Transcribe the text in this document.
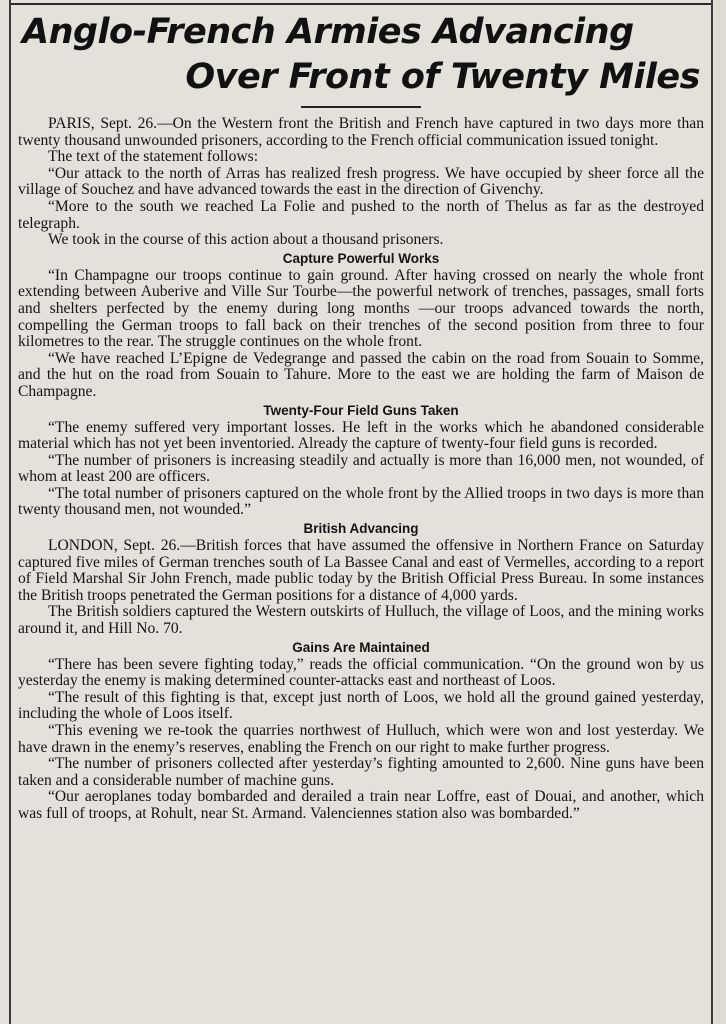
Anglo-French Armies Advancing
Over Front of Twenty Miles

PARIS, Sept. 26.—On the Western front the British and French have captured in two days more than twenty thousand unwounded prisoners, according to the French official communication issued tonight.

The text of the statement follows:

“Our attack to the north of Arras has realized fresh progress. We have occupied by sheer force all the village of Souchez and have advanced towards the east in the direction of Givenchy.

“More to the south we reached La Folie and pushed to the north of Thelus as far as the destroyed telegraph.

We took in the course of this action about a thousand prisoners.

Capture Powerful Works

“In Champagne our troops continue to gain ground. After having crossed on nearly the whole front extending between Auberive and Ville Sur Tourbe—the powerful network of trenches, passages, small forts and shelters perfected by the enemy during long months —our troops advanced towards the north, compelling the German troops to fall back on their trenches of the second position from three to four kilometres to the rear. The struggle continues on the whole front.

“We have reached L’Epigne de Vedegrange and passed the cabin on the road from Souain to Somme, and the hut on the road from Souain to Tahure. More to the east we are holding the farm of Maison de Champagne.

Twenty-Four Field Guns Taken

“The enemy suffered very important losses. He left in the works which he abandoned considerable material which has not yet been inventoried. Already the capture of twenty-four field guns is recorded.

“The number of prisoners is increasing steadily and actually is more than 16,000 men, not wounded, of whom at least 200 are officers.

“The total number of prisoners captured on the whole front by the Allied troops in two days is more than twenty thousand men, not wounded.”

British Advancing

LONDON, Sept. 26.—British forces that have assumed the offensive in Northern France on Saturday captured five miles of German trenches south of La Bassee Canal and east of Vermelles, according to a report of Field Marshal Sir John French, made public today by the British Official Press Bureau. In some instances the British troops penetrated the German positions for a distance of 4,000 yards.

The British soldiers captured the Western outskirts of Hulluch, the village of Loos, and the mining works around it, and Hill No. 70.

Gains Are Maintained

“There has been severe fighting today,” reads the official communication. “On the ground won by us yesterday the enemy is making determined counter-attacks east and northeast of Loos.

“The result of this fighting is that, except just north of Loos, we hold all the ground gained yesterday, including the whole of Loos itself.

“This evening we re-took the quarries northwest of Hulluch, which were won and lost yesterday. We have drawn in the enemy’s reserves, enabling the French on our right to make further progress.

“The number of prisoners collected after yesterday’s fighting amounted to 2,600. Nine guns have been taken and a considerable number of machine guns.

“Our aeroplanes today bombarded and derailed a train near Loffre, east of Douai, and another, which was full of troops, at Rohult, near St. Armand. Valenciennes station also was bombarded.”
